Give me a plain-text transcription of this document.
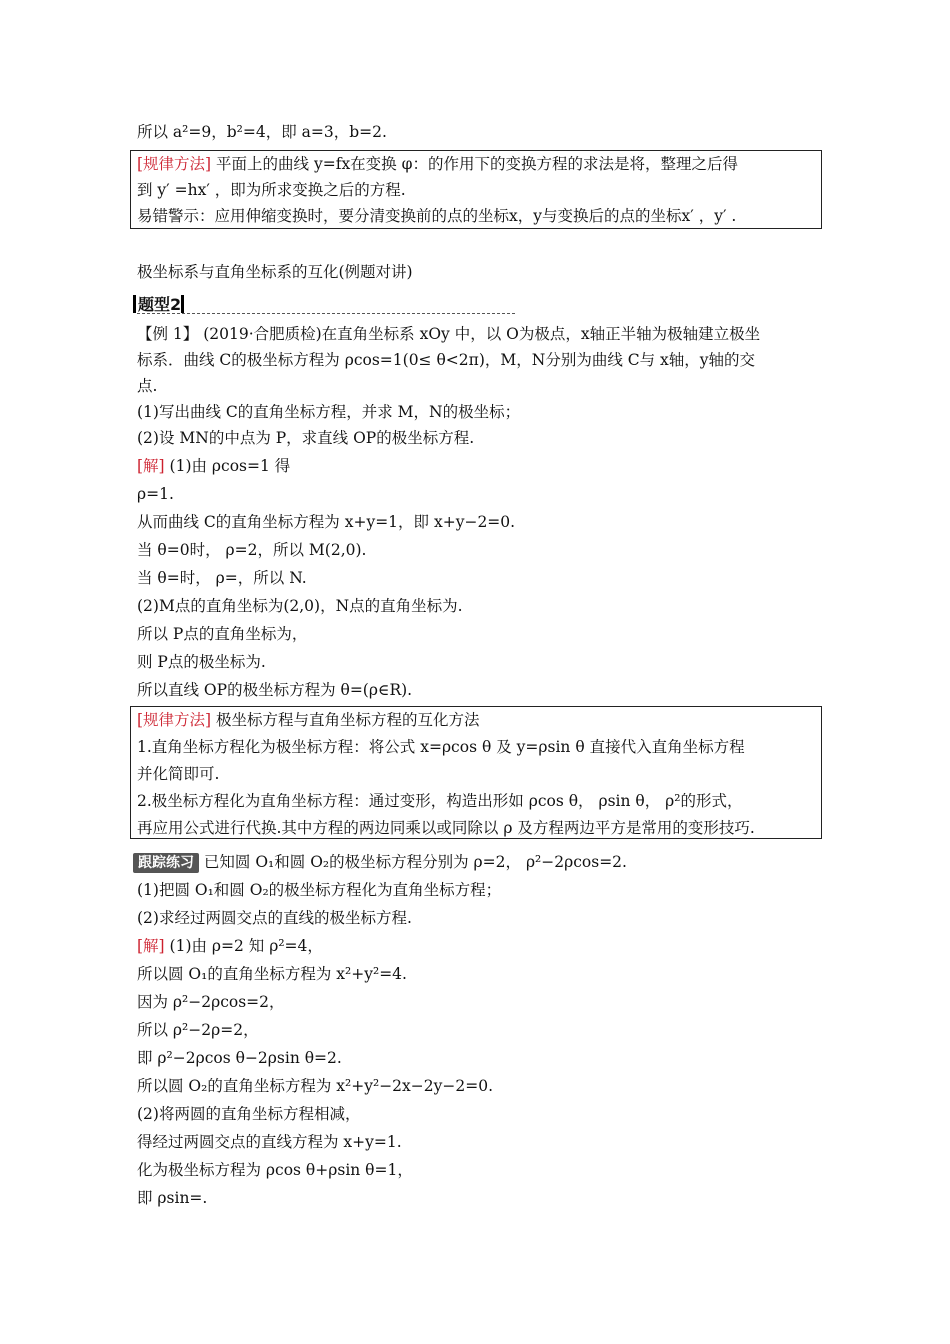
所以 a²=9，b²=4，即 a=3，b=2.
[规律方法] 平面上的曲线 y=fx在变换 φ：的作用下的变换方程的求法是将，整理之后得
到 y′ =hx′ ，即为所求变换之后的方程.
易错警示：应用伸缩变换时，要分清变换前的点的坐标x，y与变换后的点的坐标x′ ，y′ .
极坐标系与直角坐标系的互化(例题对讲)
题型2
【例 1】 (2019·合肥质检)在直角坐标系 xOy 中，以 O为极点，x轴正半轴为极轴建立极坐
标系．曲线 C的极坐标方程为 ρcos=1(0≤ θ<2π)，M，N分别为曲线 C与 x轴，y轴的交
点.
(1)写出曲线 C的直角坐标方程，并求 M，N的极坐标；
(2)设 MN的中点为 P，求直线 OP的极坐标方程.
[解] (1)由 ρcos=1 得
ρ=1.
从而曲线 C的直角坐标方程为 x+y=1，即 x+y−2=0.
当 θ=0时， ρ=2，所以 M(2,0).
当 θ=时， ρ=，所以 N.
(2)M点的直角坐标为(2,0)，N点的直角坐标为.
所以 P点的直角坐标为，
则 P点的极坐标为.
所以直线 OP的极坐标方程为 θ=(ρ∈R).
[规律方法] 极坐标方程与直角坐标方程的互化方法
1.直角坐标方程化为极坐标方程：将公式 x=ρcos θ 及 y=ρsin θ 直接代入直角坐标方程
并化简即可.
2.极坐标方程化为直角坐标方程：通过变形，构造出形如 ρcos θ， ρsin θ， ρ²的形式，
再应用公式进行代换.其中方程的两边同乘以或同除以 ρ 及方程两边平方是常用的变形技巧.
跟踪练习 已知圆 O₁和圆 O₂的极坐标方程分别为 ρ=2， ρ²−2ρcos=2.
(1)把圆 O₁和圆 O₂的极坐标方程化为直角坐标方程；
(2)求经过两圆交点的直线的极坐标方程.
[解] (1)由 ρ=2 知 ρ²=4，
所以圆 O₁的直角坐标方程为 x²+y²=4.
因为 ρ²−2ρcos=2，
所以 ρ²−2ρ=2，
即 ρ²−2ρcos θ−2ρsin θ=2.
所以圆 O₂的直角坐标方程为 x²+y²−2x−2y−2=0.
(2)将两圆的直角坐标方程相减，
得经过两圆交点的直线方程为 x+y=1.
化为极坐标方程为 ρcos θ+ρsin θ=1，
即 ρsin=.
